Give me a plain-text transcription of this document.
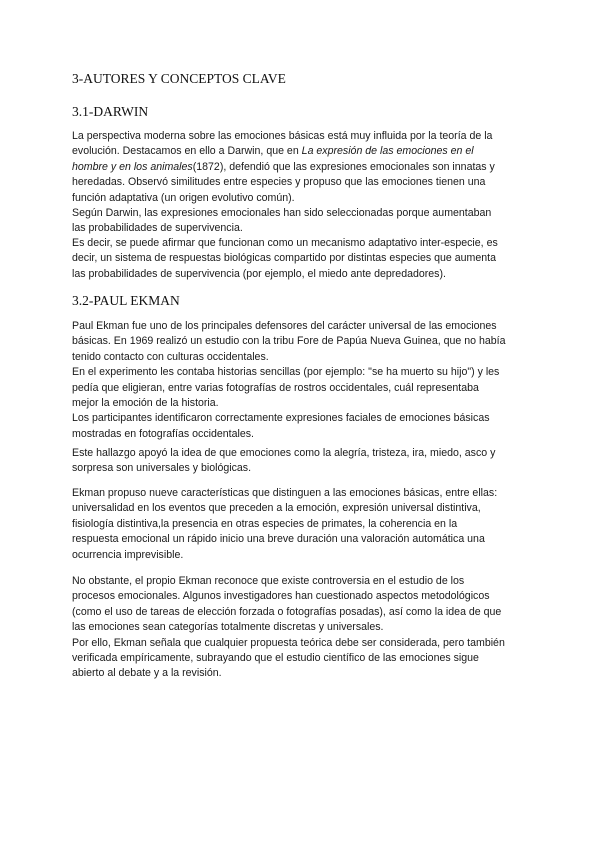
3-AUTORES Y CONCEPTOS CLAVE
3.1-DARWIN

La perspectiva moderna sobre las emociones básicas está muy influida por la teoría de la
evolución. Destacamos en ello a Darwin, que en La expresión de las emociones en el
hombre y en los animales(1872), defendió que las expresiones emocionales son innatas y
heredadas. Observó similitudes entre especies y propuso que las emociones tienen una
función adaptativa (un origen evolutivo común).
Según Darwin, las expresiones emocionales han sido seleccionadas porque aumentaban
las probabilidades de supervivencia.

Es decir, se puede afirmar que funcionan como un mecanismo adaptativo inter-especie, es
decir, un sistema de respuestas biológicas compartido por distintas especies que aumenta
las probabilidades de supervivencia (por ejemplo, el miedo ante depredadores).

3.2-PAUL EKMAN

Paul Ekman fue uno de los principales defensores del carácter universal de las emociones
básicas. En 1969 realizó un estudio con la tribu Fore de Papúa Nueva Guinea, que no había
tenido contacto con culturas occidentales.
En el experimento les contaba historias sencillas (por ejemplo: "se ha muerto su hijo") y les
pedía que eligieran, entre varias fotografías de rostros occidentales, cuál representaba
mejor la emoción de la historia.
Los participantes identificaron correctamente expresiones faciales de emociones básicas
mostradas en fotografías occidentales.

Este hallazgo apoyó la idea de que emociones como la alegría, tristeza, ira, miedo, asco y
sorpresa son universales y biológicas.

Ekman propuso nueve características que distinguen a las emociones básicas, entre ellas:
universalidad en los eventos que preceden a la emoción, expresión universal distintiva,
fisiología distintiva,la presencia en otras especies de primates, la coherencia en la
respuesta emocional un rápido inicio una breve duración una valoración automática una
ocurrencia imprevisible.

No obstante, el propio Ekman reconoce que existe controversia en el estudio de los
procesos emocionales. Algunos investigadores han cuestionado aspectos metodológicos
(como el uso de tareas de elección forzada o fotografías posadas), así como la idea de que
las emociones sean categorías totalmente discretas y universales.
Por ello, Ekman señala que cualquier propuesta teórica debe ser considerada, pero también
verificada empíricamente, subrayando que el estudio científico de las emociones sigue
abierto al debate y a la revisión.
